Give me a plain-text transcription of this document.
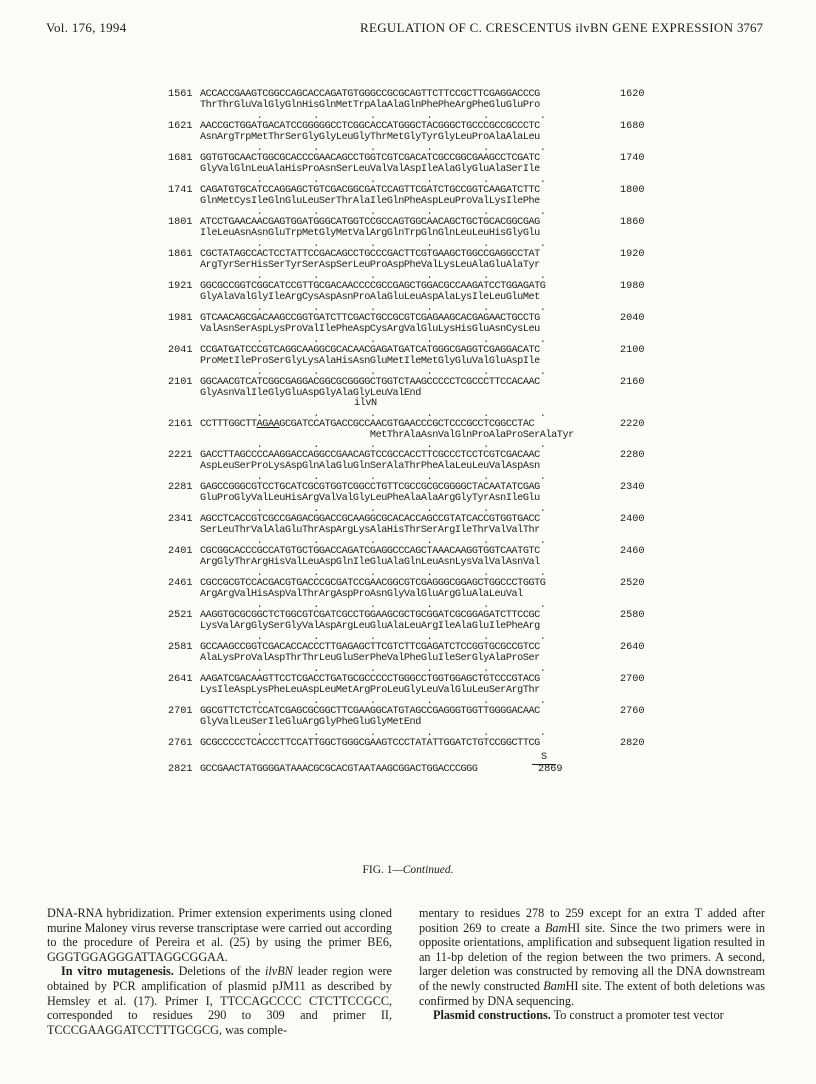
Vol. 176, 1994	REGULATION OF C. CRESCENTUS ilvBN GENE EXPRESSION 3767
1561 ACCACCGAAGTCGGCCAGCACCAGATGTGGGCCGCGCAGTTCTTCCGCTTCGAGGACCCG
ThrThrGluValGlyGlnHisGlnMetTrpAlaAlaGlnPhePheArgPheGluGluPro
1620
.         .         .         .         .         .
1621 AACCGCTGGATGACATCCGGGGGCCTCGGCACCATGGGCTACGGGCTGCCCGCCGCCCTC
AsnArgTrpMetThrSerGlyGlyLeuGlyThrMetGlyTyrGlyLeuProAlaAlaLeu
1680
.         .         .         .         .         .
1681 GGTGTGCAACTGGCGCACCCGAACAGCCTGGTCGTCGACATCGCCGGCGAAGCCTCGATC
GlyValGlnLeuAlaHisProAsnSerLeuValValAspIleAlaGlyGluAlaSerIle
1740
.         .         .         .         .         .
1741 CAGATGTGCATCCAGGAGCTGTCGACGGCGATCCAGTTCGATCTGCCGGTCAAGATCTTC
GlnMetCysIleGlnGluLeuSerThrAlaIleGlnPheAspLeuProValLysIlePhe
1800
.         .         .         .         .         .
1801 ATCCTGAACAACGAGTGGATGGGCATGGTCCGCCAGTGGCAACAGCTGCTGCACGGCGAG
IleLeuAsnAsnGluTrpMetGlyMetValArgGlnTrpGlnGlnLeuLeuHisGlyGlu
1860
.         .         .         .         .         .
1861 CGCTATAGCCACTCCTATTCCGACAGCCTGCCCGACTTCGTGAAGCTGGCCGAGGCCTAT
ArgTyrSerHisSerTyrSerAspSerLeuProAspPheValLysLeuAlaGluAlaTyr
1920
.         .         .         .         .         .
1921 GGCGCCGGTCGGCATCCGTTGCGACAACCCCGCCGAGCTGGACGCCAAGATCCTGGAGATG
GlyAlaValGlyIleArgCysAspAsnProAlaGluLeuAspAlaLysIleLeuGluMet
1980
.         .         .         .         .         .
1981 GTCAACAGCGACAAGCCGGTGATCTTCGACTGCCGCGTCGAGAAGCACGAGAACTGCCTG
ValAsnSerAspLysProValIlePheAspCysArgValGluLysHisGluAsnCysLeu
2040
.         .         .         .         .         .
2041 CCGATGATCCCGTCAGGCAAGGCGCACAACGAGATGATCATGGGCGAGGTCGAGGACATC
ProMetIleProSerGlyLysAlaHisAsnGluMetIleMetGlyGluValGluAspIle
2100
.         .         .         .         .         .
2101 GGCAACGTCATCGGCGAGGACGGCGCGGGGCTGGTCTAAGCCCCCTCGCCCTTCCACAAC
GlyAsnValIleGlyGluAspGlyAlaGlyLeuValEnd
2160
.         .         .         .         .         .
2161 CCTTTGGCTTAGAAGCGATCCATGACCGCCAACGTGAACCCGCTCCCGCCTCGGCCTAC
MetThrAlaAsnValGlnProAlaProSerAlaTyr
ilvN
2220
.         .         .         .         .         .
2221 GACCTTAGCCCCAAGGACCAGGCCGAACAGTCCGCCACCTTCGCCCTCCTCGTCGACAAC
AspLeuSerProLysAspGlnAlaGluGlnSerAlaThrPheAlaLeuLeuValAspAsn
2280
.         .         .         .         .         .
2281 GAGCCGGGCGTCCTGCATCGCGTGGTCGGCCTGTTCGCCGCGCGGGGCTACAATATCGAG
GluProGlyValLeuHisArgValValGlyLeuPheAlaAlaArgGlyTyrAsnIleGlu
2340
.         .         .         .         .         .
2341 AGCCTCACCGTCGCCGAGACGGACCGCAAGGCGCACACCAGCCGTATCACCGTGGTGACC
SerLeuThrValAlaGluThrAspArgLysAlaHisThrSerArgIleThrValValThr
2400
.         .         .         .         .         .
2401 CGCGGCACCCGCCATGTGCTGGACCAGATCGAGGCCCAGCTAAACAAGGTGGTCAATGTC
ArgGlyThrArgHisValLeuAspGlnIleGluAlaGlnLeuAsnLysValValAsnVal
2460
.         .         .         .         .         .
2461 CGCCGCGTCCACGACGTGACCCGCGATCCGAACGGCGTCGAGGGCGGAGCTGGCCCTGGTG
ArgArgValHisAspValThrArgAspProAsnGlyValGluArgGluAlaLeuVal
2520
.         .         .         .         .         .
2521 AAGGTGCGCGGCTCTGGCGTCGATCGCCTGGAAGCGCTGCGGATCGCGGAGATCTTCCGC
LysValArgGlySerGlyValAspArgLeuGluAlaLeuArgIleAlaGluIlePheArg
2580
.         .         .         .         .         .
2581 GCCAAGCCGGTCGACACCACCCTTGAGAGCTTCGTCTTCGAGATCTCCGGTGCGCCGTCC
AlaLysProValAspThrThrLeuGluSerPheValPheGluIleSerGlyAlaProSer
2640
.         .         .         .         .         .
2641 AAGATCGACAAGTTCCTCGACCTGATGCGCCCCCTGGGCCTGGTGGAGCTGTCCCGTACG
LysIleAspLysPheLeuAspLeuMetArgProLeuGlyLeuValGluLeuSerArgThr
2700
.         .         .         .         .         .
2701 GGCGTTCTCTCCATCGAGCGCGGCTTCGAAGGCATGTAGCCGAGGGTGGTTGGGGACAAC
GlyValLeuSerIleGluArgGlyPheGluGlyMetEnd
2760
.         .         .         .         .         .
2761 GCGCCCCCTCACCCTTCCATTGGCTGGGCGAAGTCCCTATATTGGATCTGTCCGGCTTCG	2820
2821 GCCGAACTATGGGGATAAACGCGCACGTAATAAGCGGACTGGACCCGGG
S
2869
FIG. 1—Continued.

DNA-RNA hybridization. Primer extension experiments using cloned murine Maloney virus reverse transcriptase were carried out according to the procedure of Pereira et al. (25) by using the primer BE6, GGGTGGAGGGATTAGGCGGAA.

In vitro mutagenesis. Deletions of the ilvBN leader region were obtained by PCR amplification of plasmid pJM11 as described by Hemsley et al. (17). Primer I, TTCCAGCCCC CTCTTCCGCC, corresponded to residues 290 to 309 and primer II, TCCCGAAGGATCCTTTGCGCG, was comple-

mentary to residues 278 to 259 except for an extra T added after position 269 to create a BamHI site. Since the two primers were in opposite orientations, amplification and subsequent ligation resulted in an 11-bp deletion of the region between the two primers. A second, larger deletion was constructed by removing all the DNA downstream of the newly constructed BamHI site. The extent of both deletions was confirmed by DNA sequencing.

Plasmid constructions. To construct a promoter test vector
